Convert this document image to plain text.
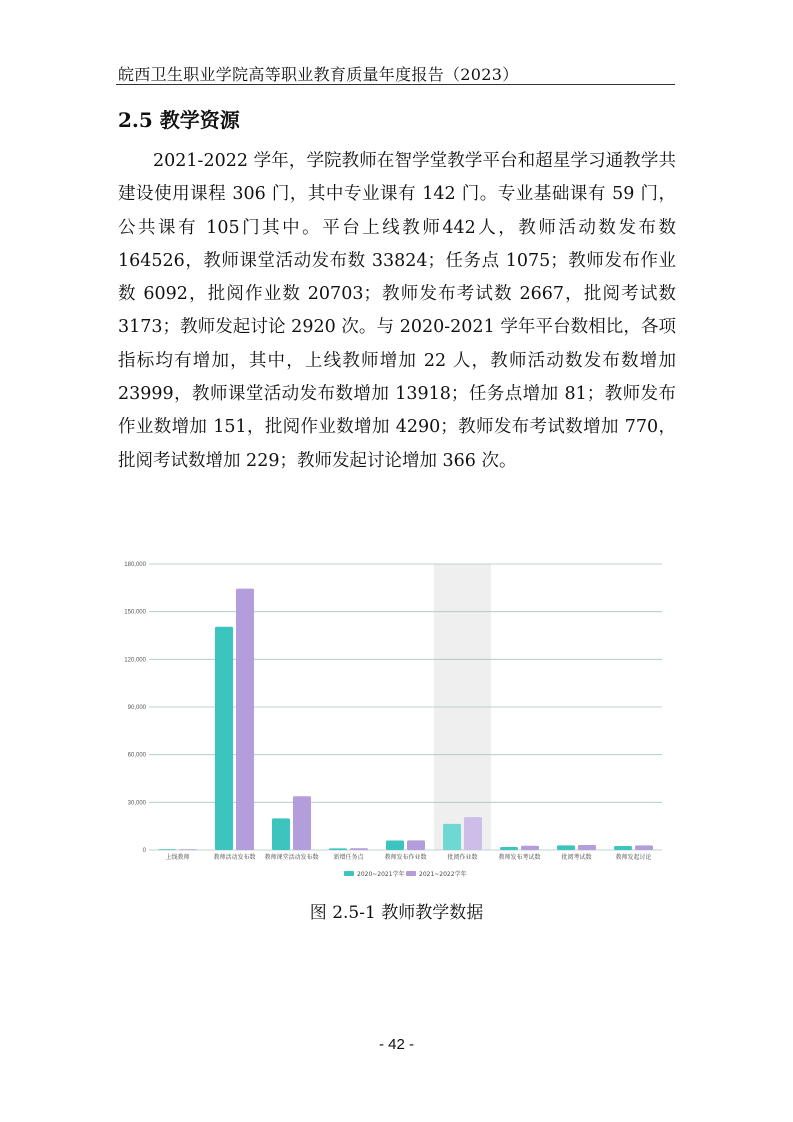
皖西卫生职业学院高等职业教育质量年度报告（2023）
2.5 教学资源

2021-2022 学年，学院教师在智学堂教学平台和超星学习通教学共建设使用课程 306 门，其中专业课有 142 门。专业基础课有 59 门，公共课有 105门其中。平台上线教师442人，教师活动数发布数164526，教师课堂活动发布数 33824；任务点 1075；教师发布作业数 6092，批阅作业数 20703；教师发布考试数 2667，批阅考试数 3173；教师发起讨论 2920 次。与 2020-2021 学年平台数相比，各项指标均有增加，其中，上线教师增加 22 人，教师活动数发布数增加 23999，教师课堂活动发布数增加 13918；任务点增加 81；教师发布作业数增加 151，批阅作业数增加 4290；教师发布考试数增加 770，批阅考试数增加 229；教师发起讨论增加 366 次。

0
30,000
60,000
90,000
120,000
150,000
180,000
上线教师	教师活动发布数 教师课堂活动发布数 新增任务点	教师发布作业数	批阅作业数	教师发布考试数	批阅考试数	教师发起讨论
2020~2021学年 2021~2022学年
图 2.5-1 教师教学数据
- 42 -
